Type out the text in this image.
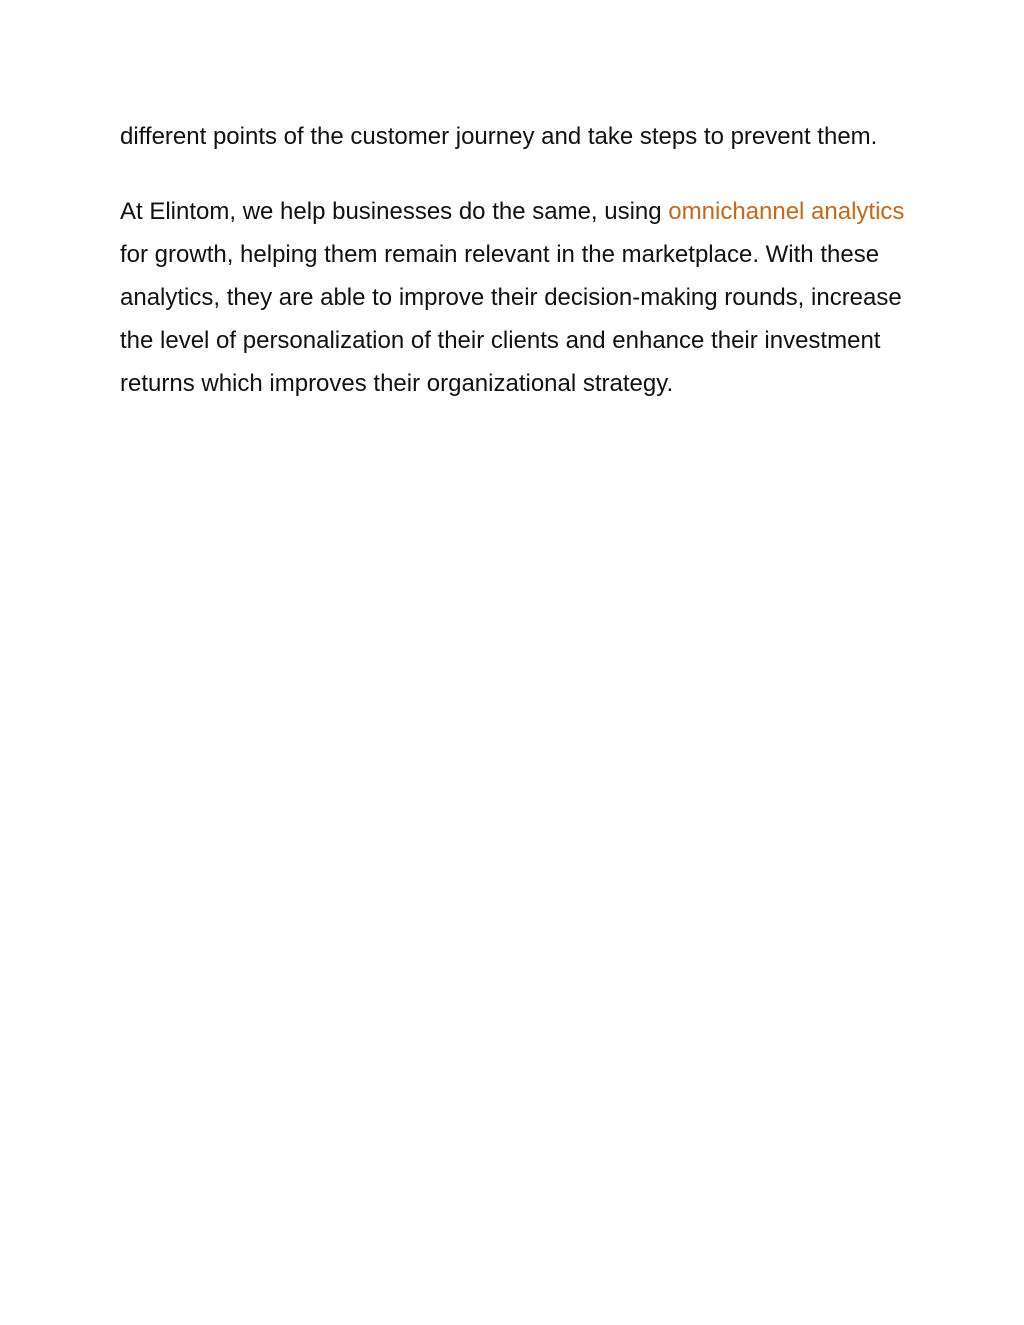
different points of the customer journey and take steps to prevent them.

At Elintom, we help businesses do the same, using omnichannel analytics for growth, helping them remain relevant in the marketplace. With these analytics, they are able to improve their decision-making rounds, increase the level of personalization of their clients and enhance their investment returns which improves their organizational strategy.
